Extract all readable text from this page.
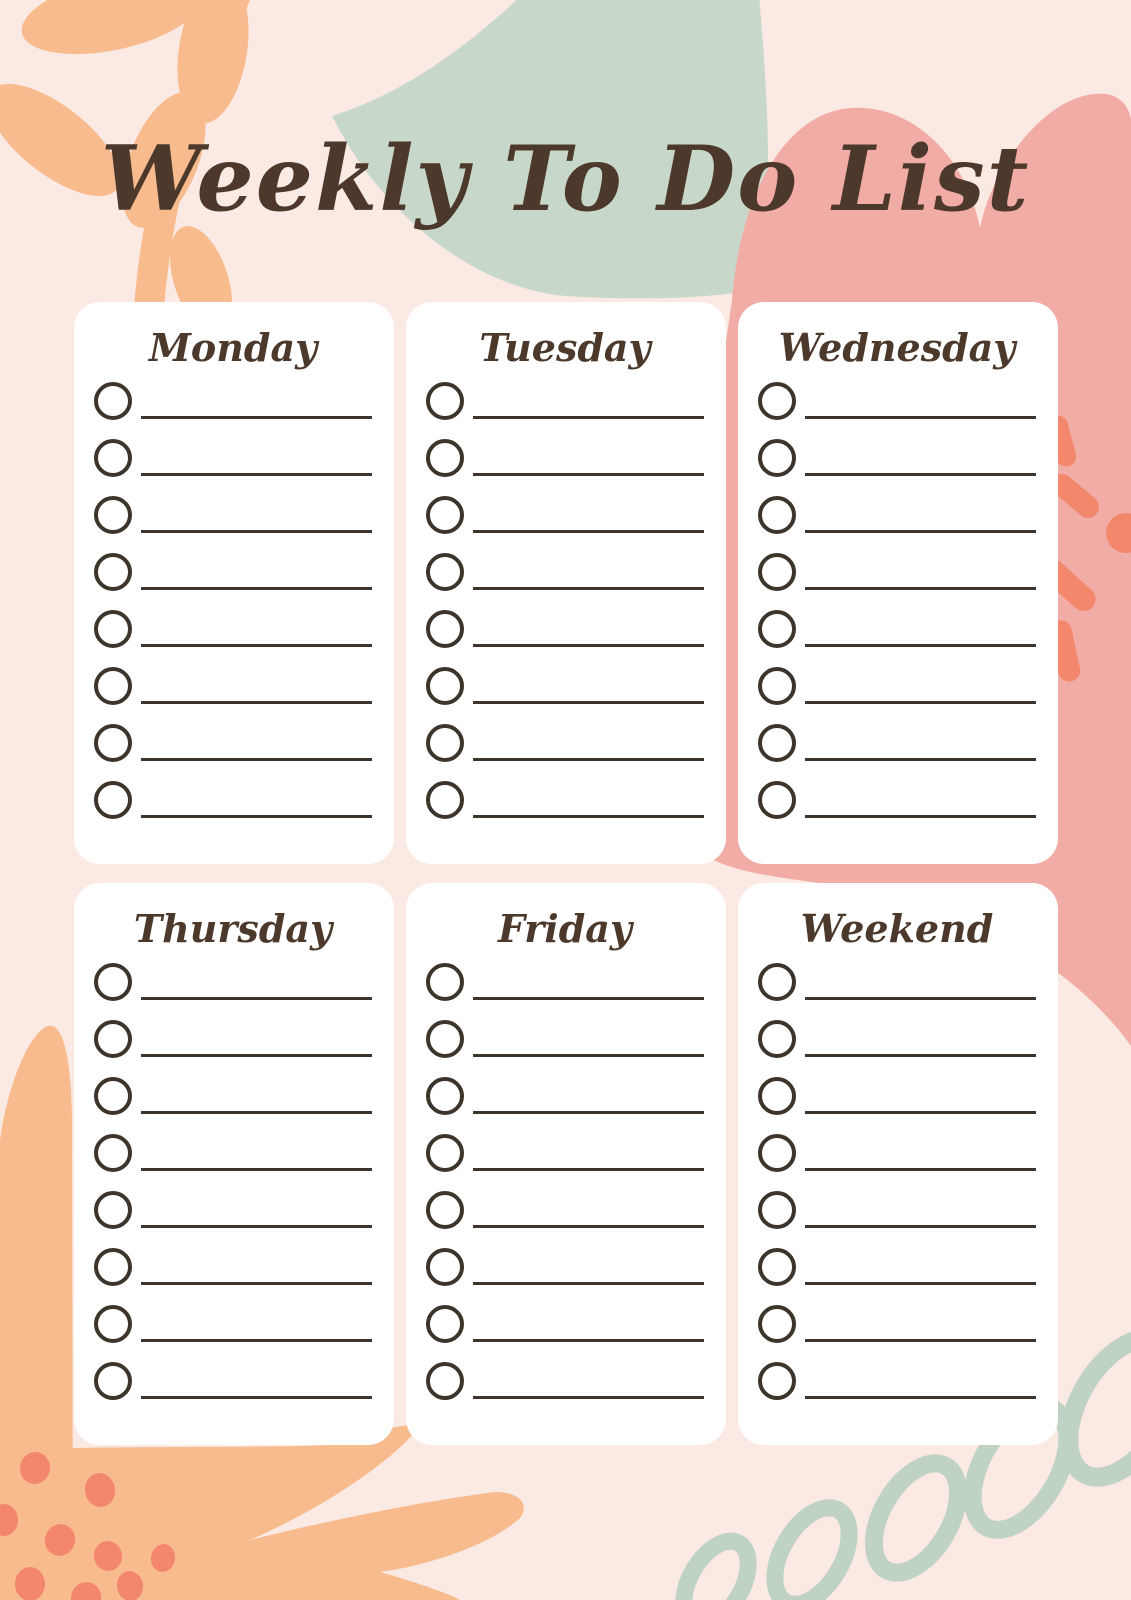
Weekly To Do List
Monday	Tuesday	Wednesday
Thursday	Friday	Weekend
